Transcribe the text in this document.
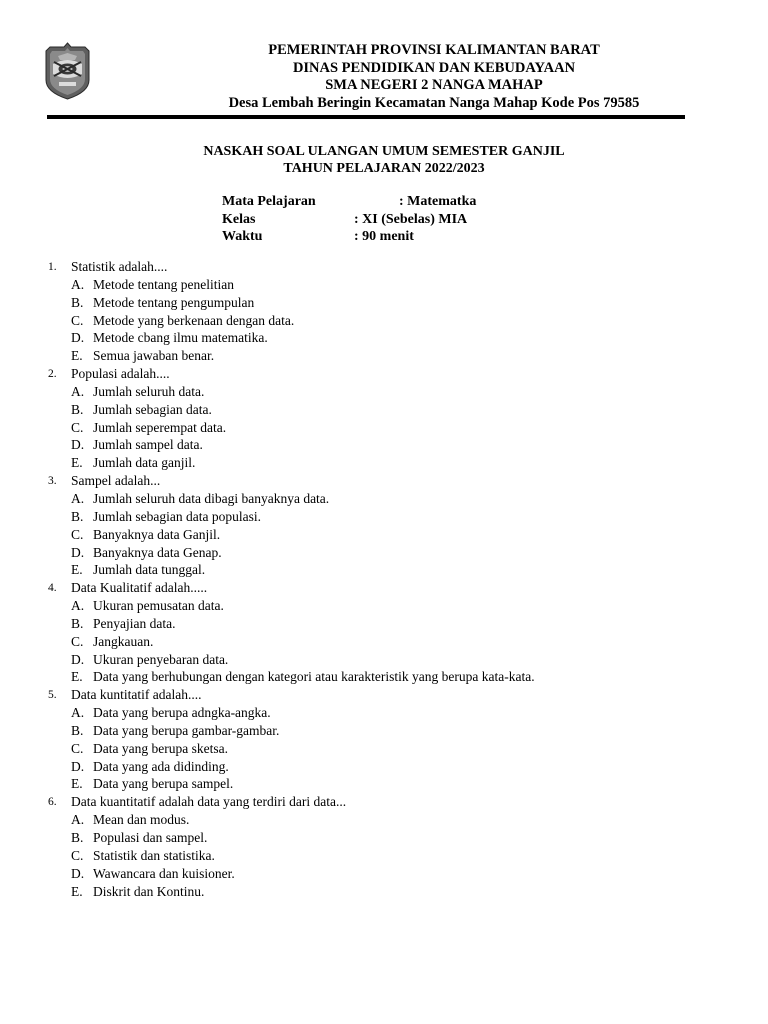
PEMERINTAH PROVINSI KALIMANTAN BARAT
DINAS PENDIDIKAN DAN KEBUDAYAAN
SMA NEGERI 2 NANGA MAHAP
Desa Lembah Beringin Kecamatan Nanga Mahap Kode Pos 79585
NASKAH SOAL ULANGAN UMUM SEMESTER GANJIL
TAHUN PELAJARAN 2022/2023
Mata Pelajaran	: Matematka
Kelas	: XI (Sebelas) MIA
Waktu	: 90 menit
1. Statistik adalah....
A. Metode tentang penelitian
B. Metode tentang pengumpulan
C. Metode yang berkenaan dengan data.
D. Metode cbang ilmu matematika.
E. Semua jawaban benar.
2. Populasi adalah....
A. Jumlah seluruh data.
B. Jumlah sebagian data.
C. Jumlah seperempat data.
D. Jumlah sampel data.
E. Jumlah data ganjil.
3. Sampel adalah...
A. Jumlah seluruh data dibagi banyaknya data.
B. Jumlah sebagian data populasi.
C. Banyaknya data Ganjil.
D. Banyaknya data Genap.
E. Jumlah data tunggal.
4. Data Kualitatif adalah.....
A. Ukuran pemusatan data.
B. Penyajian data.
C. Jangkauan.
D. Ukuran penyebaran data.
E. Data yang berhubungan dengan kategori atau karakteristik yang berupa kata-kata.
5. Data kuntitatif adalah....
A. Data yang berupa adngka-angka.
B. Data yang berupa gambar-gambar.
C. Data yang berupa sketsa.
D. Data yang ada didinding.
E. Data yang berupa sampel.
6. Data kuantitatif adalah data yang terdiri dari data...
A. Mean dan modus.
B. Populasi dan sampel.
C. Statistik dan statistika.
D. Wawancara dan kuisioner.
E. Diskrit dan Kontinu.
